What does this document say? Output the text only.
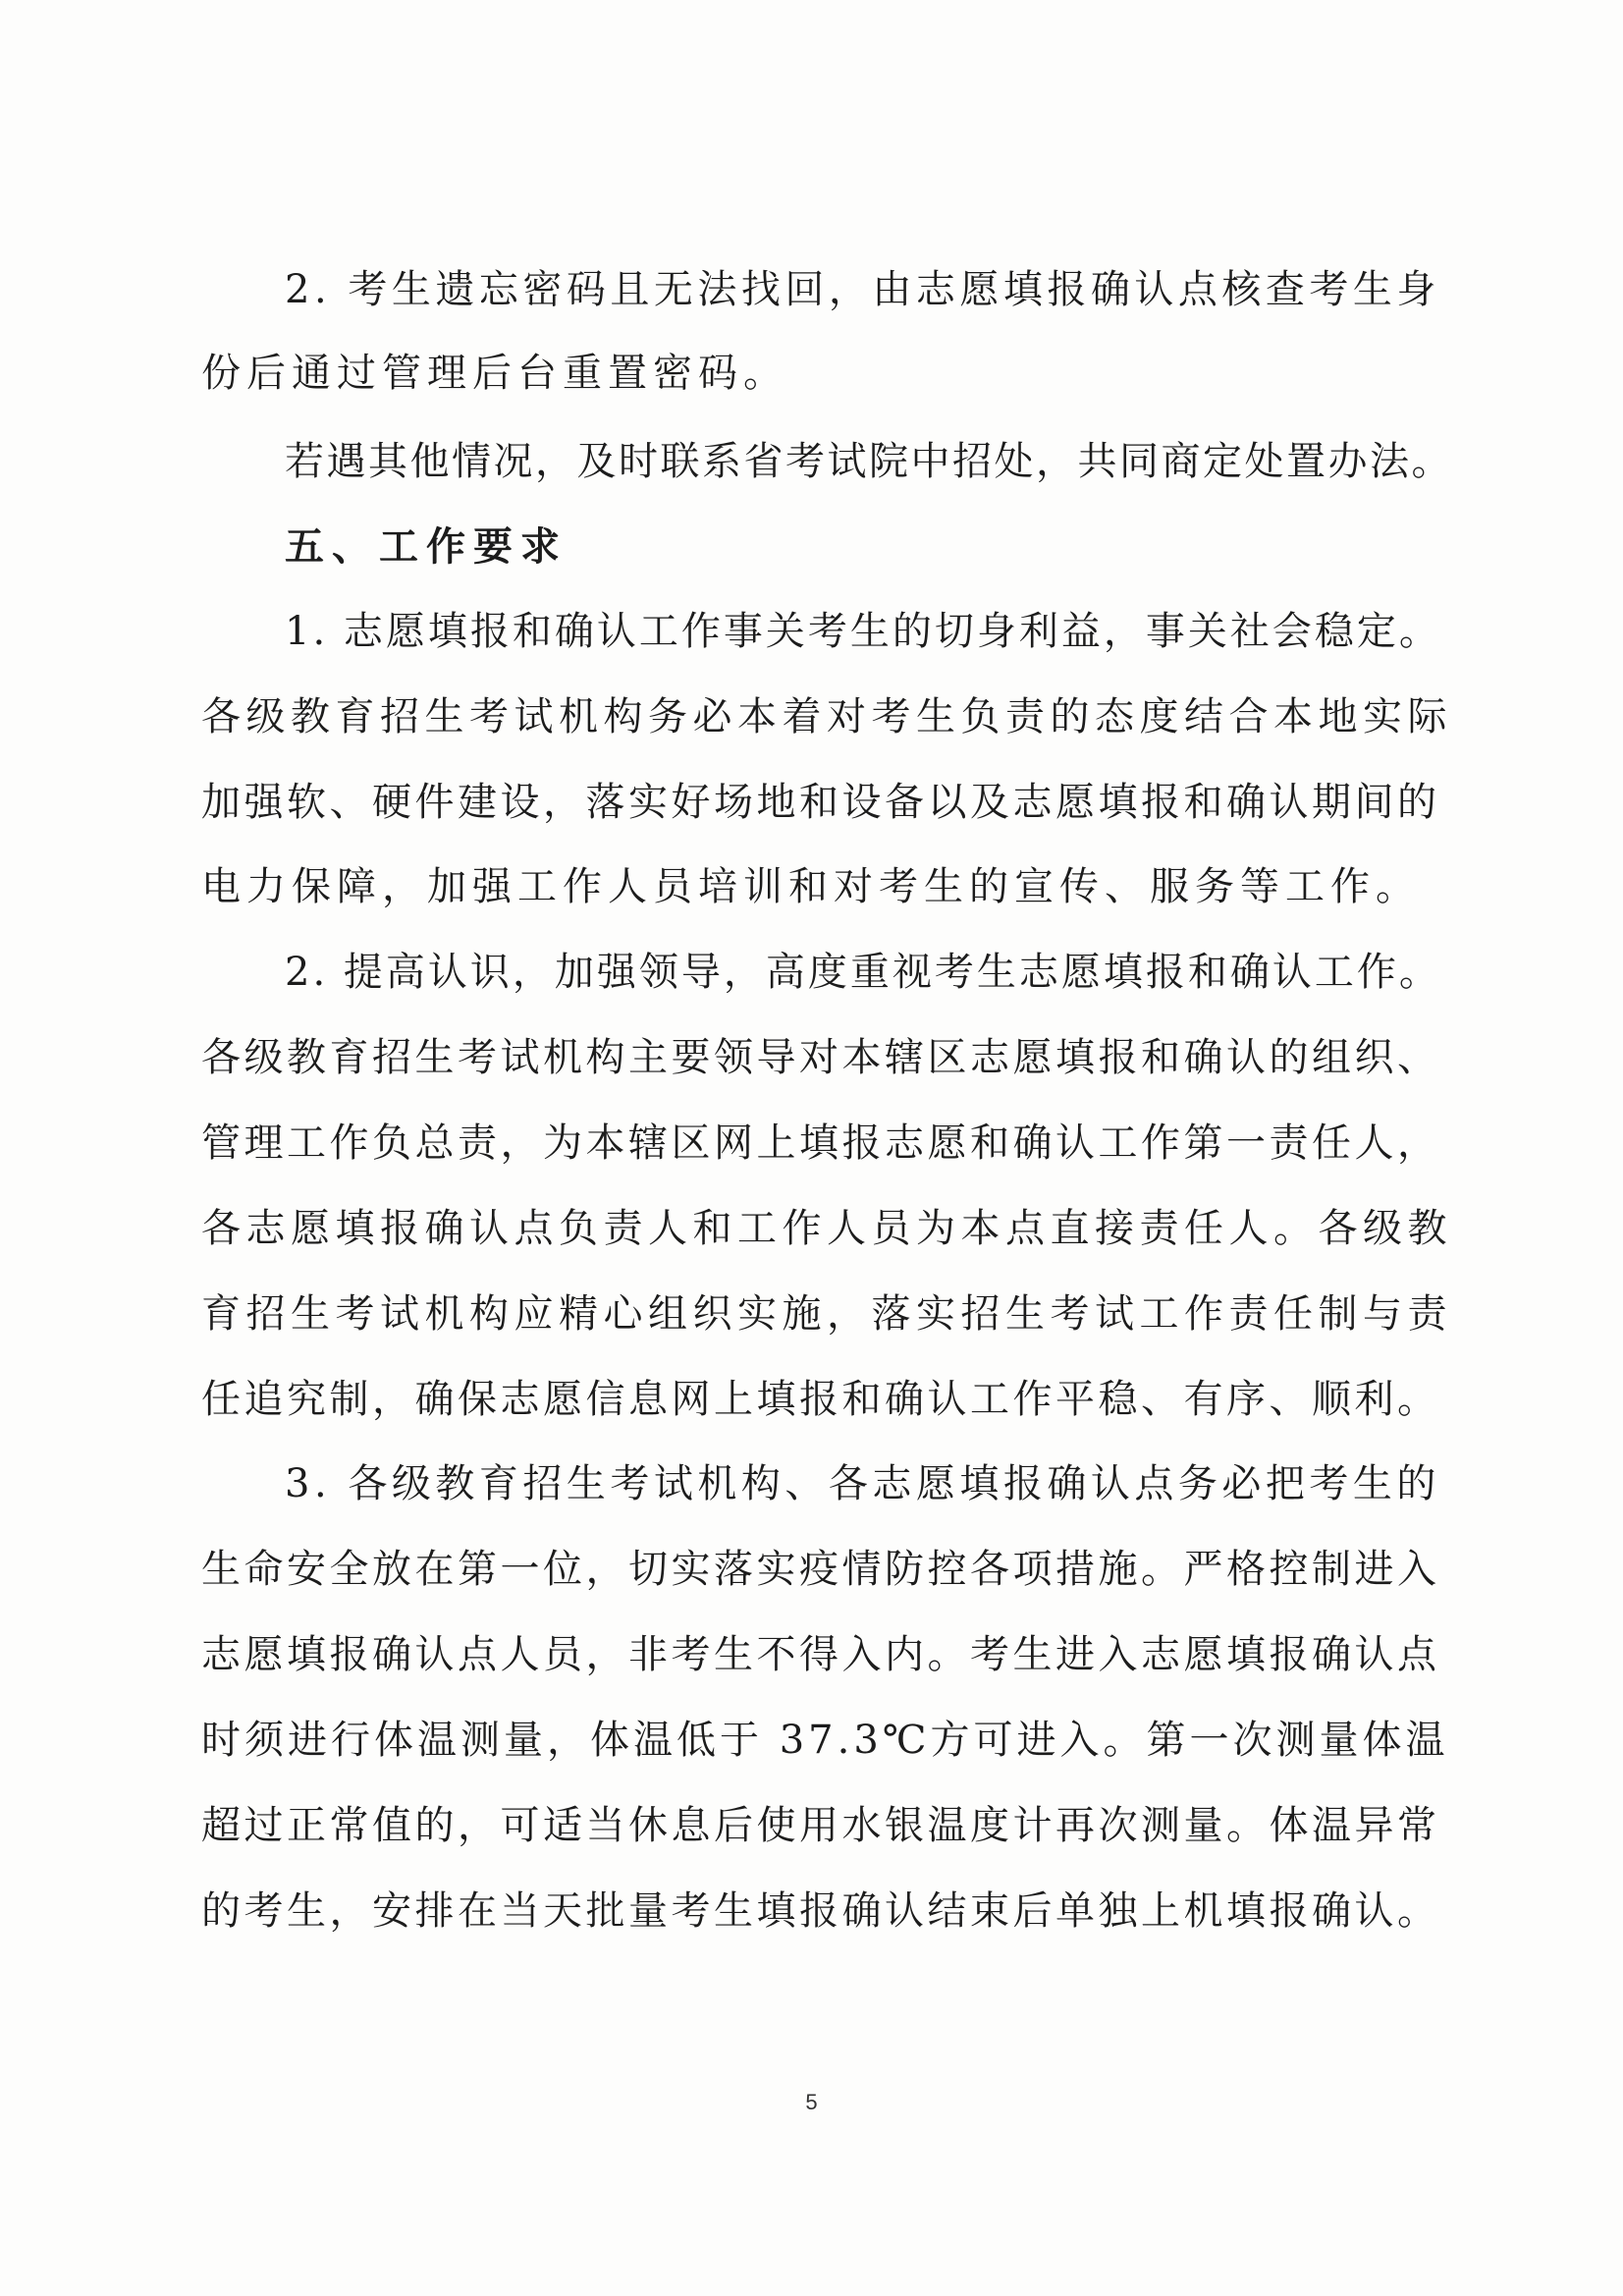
2. 考生遗忘密码且无法找回，由志愿填报确认点核查考生身
份后通过管理后台重置密码。
若遇其他情况，及时联系省考试院中招处，共同商定处置办法。
五、工作要求
1. 志愿填报和确认工作事关考生的切身利益，事关社会稳定。
各级教育招生考试机构务必本着对考生负责的态度结合本地实际
加强软、硬件建设，落实好场地和设备以及志愿填报和确认期间的
电力保障，加强工作人员培训和对考生的宣传、服务等工作。
2. 提高认识，加强领导，高度重视考生志愿填报和确认工作。
各级教育招生考试机构主要领导对本辖区志愿填报和确认的组织、
管理工作负总责，为本辖区网上填报志愿和确认工作第一责任人，
各志愿填报确认点负责人和工作人员为本点直接责任人。各级教
育招生考试机构应精心组织实施，落实招生考试工作责任制与责
任追究制，确保志愿信息网上填报和确认工作平稳、有序、顺利。
3. 各级教育招生考试机构、各志愿填报确认点务必把考生的
生命安全放在第一位，切实落实疫情防控各项措施。严格控制进入
志愿填报确认点人员，非考生不得入内。考生进入志愿填报确认点
时须进行体温测量，体温低于 37.3℃方可进入。第一次测量体温
超过正常值的，可适当休息后使用水银温度计再次测量。体温异常
的考生，安排在当天批量考生填报确认结束后单独上机填报确认。
5
